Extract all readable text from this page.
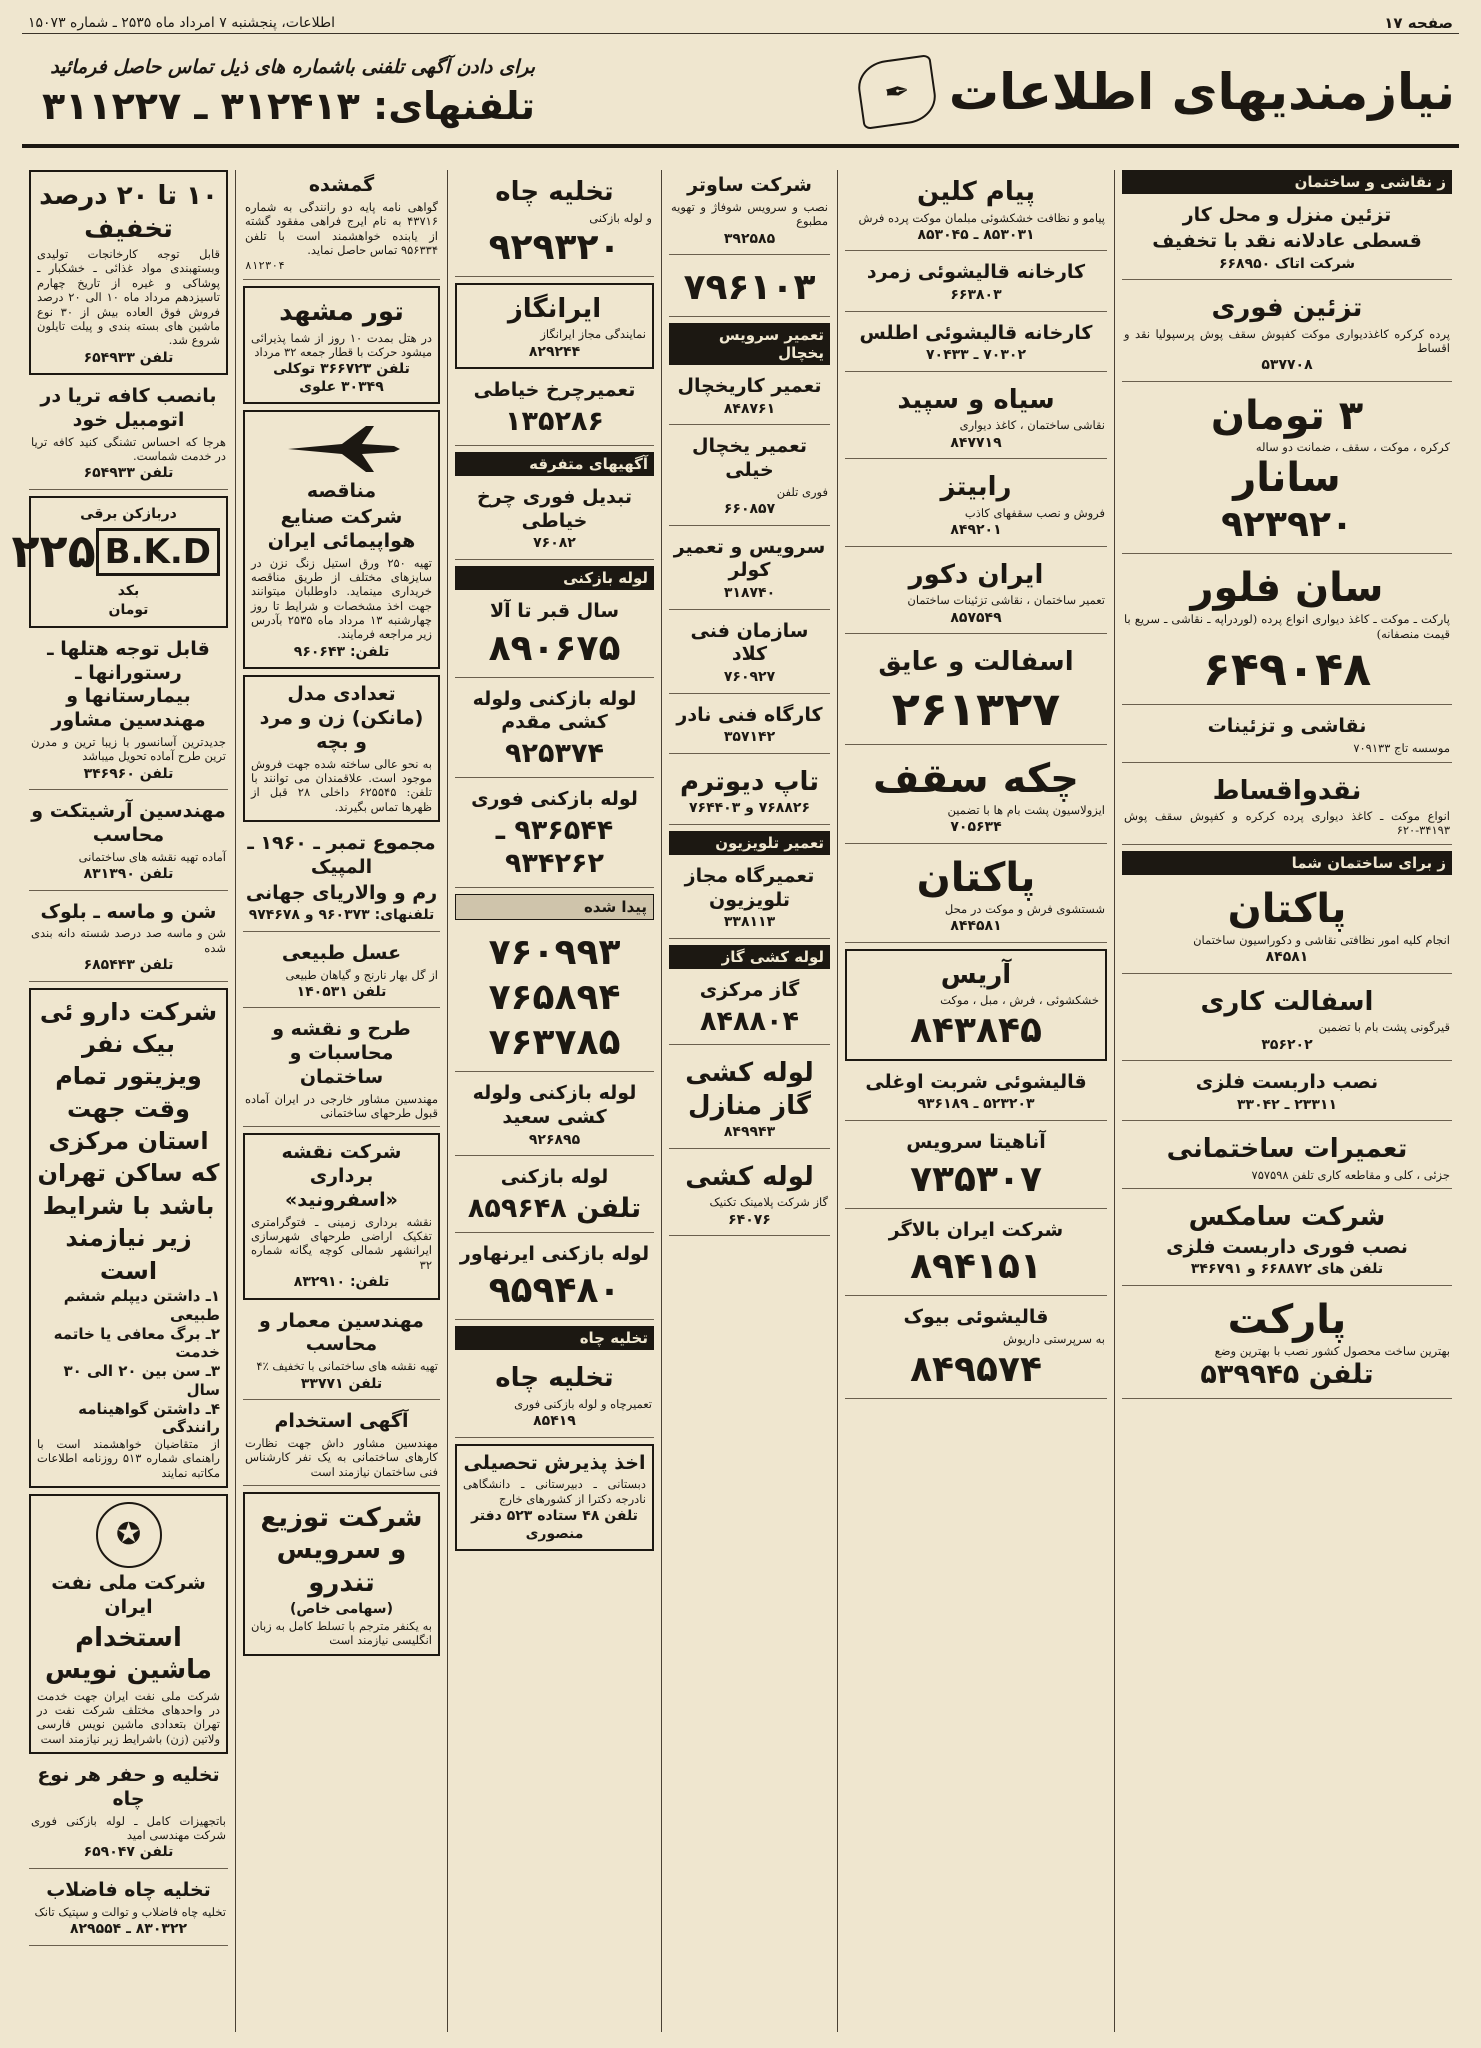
صفحه ۱۷
اطلاعات، پنجشنبه ۷ امرداد ماه ۲۵۳۵ ـ شماره ۱۵۰۷۳
نیازمندیهای اطلاعات
✒
برای دادن آگهی تلفنی باشماره های ذیل تماس حاصل فرمائید
تلفنهای: ۳۱۲۴۱۳ ـ ۳۱۱۲۲۷
ز نقاشی و ساختمان
تزئین منزل و محل کار
قسطی عادلانه نقد با تخفیف
شرکت اتاک ۶۶۸۹۵۰
تزئین فوری

پرده کرکره کاغذدیواری موکت کفپوش سقف پوش پرسپولیا نقد و اقساط

۵۳۷۷۰۸
۳ تومان

کرکره ، موکت ، سقف ، ضمانت دو ساله

سانار
۹۲۳۹۲۰
سان فلور

پارکت ـ موکت ـ کاغذ دیواری انواع پرده (لوردراپه ـ نقاشی ـ سریع با قیمت منصفانه)

۶۴۹۰۴۸
نقاشی و تزئینات

موسسه تاج ۷۰۹۱۳۳

نقدواقساط

انواع موکت ـ کاغذ دیواری پرده کرکره و کفپوش سقف پوش ۳۴۱۹۳-۶۲۰

ز برای ساختمان شما
پاکتان

انجام کلیه امور نظافتی نقاشی و دکوراسیون ساختمان

۸۴۵۸۱
اسفالت کاری

قیرگونی پشت بام با تضمین

۳۵۶۲۰۲
نصب داربست فلزی
۲۳۳۱۱ ـ ۳۳۰۴۲
تعمیرات ساختمانی

جزئی ، کلی و مقاطعه کاری تلفن ۷۵۷۵۹۸

شرکت سامکس
نصب فوری داربست فلزی
تلفن های ۶۶۸۸۷۲ و ۳۴۶۷۹۱
پارکت

بهترین ساخت محصول کشور نصب با بهترین وضع

تلفن ۵۳۹۹۴۵
پیام کلین

پیامو و نظافت خشکشوئی مبلمان موکت پرده فرش

۸۵۳۰۳۱ ـ ۸۵۳۰۴۵
کارخانه قالیشوئی زمرد
۶۶۳۸۰۳
کارخانه قالیشوئی اطلس
۷۰۳۰۲ ـ ۷۰۴۳۳
سیاه و سپید

نقاشی ساختمان ، کاغذ دیواری

۸۴۷۷۱۹
رابیتز

فروش و نصب سقفهای کاذب

۸۴۹۲۰۱
ایران دکور

تعمیر ساختمان ، نقاشی تزئینات ساختمان

۸۵۷۵۴۹
اسفالت و عایق
۲۶۱۳۲۷
چکه سقف

ایزولاسیون پشت بام ها با تضمین

۷۰۵۶۳۴
پاکتان

شستشوی فرش و موکت در محل

۸۴۴۵۸۱
آریس

خشکشوئی ، فرش ، مبل ، موکت

۸۴۳۸۴۵
قالیشوئی شربت اوغلی
۵۲۳۲۰۳ ـ ۹۳۶۱۸۹
آناهیتا سرویس
۷۳۵۳۰۷
شرکت ایران بالاگر
۸۹۴۱۵۱
قالیشوئی بیوک

به سرپرستی داریوش

۸۴۹۵۷۴
شرکت ساوتر

نصب و سرویس شوفاژ و تهویه مطبوع

۳۹۲۵۸۵
۷۹۶۱۰۳
تعمیر سرویس یخچال
تعمیر کاریخچال
۸۴۸۷۶۱
تعمیر یخچال خیلی

فوری تلفن

۶۶۰۸۵۷
سرویس و تعمیر کولر
۳۱۸۷۴۰
سازمان فنی کلاد
۷۶۰۹۲۷
کارگاه فنی نادر
۳۵۷۱۴۲
تاپ دیوترم
۷۶۸۸۲۶ و ۷۶۴۴۰۳
تعمیر تلویزیون
تعمیرگاه مجاز تلویزیون
۳۳۸۱۱۳
لوله کشی گاز
گاز مرکزی
۸۴۸۸۰۴
لوله کشی گاز منازل
۸۴۹۹۴۳
لوله کشی

گاز شرکت پلامینک تکنیک

۶۴۰۷۶
تخلیه چاه

و لوله بازکنی

۹۲۹۳۲۰
ایرانگاز

نمایندگی مجاز ایرانگاز

۸۲۹۲۴۴
تعمیرچرخ خیاطی
۱۳۵۲۸۶
آگهیهای متفرقه
تبدیل فوری چرخ خیاطی
۷۶۰۸۲
لوله بازکنی
سال قبر تا آلا
۸۹۰۶۷۵
لوله بازکنی ولوله کشی مقدم
۹۲۵۳۷۴
لوله بازکنی فوری
۹۳۶۵۴۴ ـ ۹۳۴۲۶۲
پیدا شده
۷۶۰۹۹۳
۷۶۵۸۹۴
۷۶۳۷۸۵
لوله بازکنی ولوله کشی سعید
۹۲۶۸۹۵
لوله بازکنی
تلفن ۸۵۹۶۴۸
لوله بازکنی ایرنهاور
۹۵۹۴۸۰
تخلیه چاه
تخلیه چاه

تعمیرچاه و لوله بازکنی فوری

۸۵۴۱۹
اخذ پذیرش تحصیلی

دبستانی ـ دبیرستانی ـ دانشگاهی نادرجه دکترا از کشورهای خارج

تلفن ۴۸ ستاده ۵۲۳ دفتر منصوری
گمشده

گواهی نامه پایه دو رانندگی به شماره ۴۳۷۱۶ به نام ایرج فراهی مفقود گشته از یابنده خواهشمند است با تلفن ۹۵۶۳۳۴ تماس حاصل نماید.

۸۱۲۳۰۴
تور مشهد

در هتل بمدت ۱۰ روز از شما پذیرائی میشود حرکت با قطار جمعه ۳۲ مرداد

تلفن ۳۶۶۷۲۳ توکلی ۳۰۳۴۹ علوی
مناقصه
شرکت صنایع هواپیمائی ایران

تهیه ۲۵۰ ورق استیل زنگ نزن در سایزهای مختلف از طریق مناقصه خریداری مینماید. داوطلبان میتوانند جهت اخذ مشخصات و شرایط تا روز چهارشنبه ۱۳ مرداد ماه ۲۵۳۵ بآدرس زیر مراجعه فرمایند.

تلفن: ۹۶۰۶۴۳
تعدادی مدل (مانکن) زن و مرد و بچه

به نحو عالی ساخته شده جهت فروش موجود است. علاقمندان می توانند با تلفن: ۶۲۵۵۴۵ داخلی ۲۸ قبل از ظهرها تماس بگیرند.

مجموع تمبر ـ ۱۹۶۰ ـ المپیک
رم و والاریای جهانی
تلفنهای: ۹۶۰۳۷۳ و ۹۷۴۶۷۸
عسل طبیعی

از گل بهار نارنج و گیاهان طبیعی

تلفن ۱۴۰۵۳۱
طرح و نقشه و محاسبات و ساختمان

مهندسین مشاور خارجی در ایران آماده قبول طرحهای ساختمانی

شرکت نقشه برداری «اسفرونید»

نقشه برداری زمینی ـ فتوگرامتری تفکیک اراضی طرحهای شهرسازی ایرانشهر شمالی کوچه یگانه شماره ۳۲

تلفن: ۸۳۲۹۱۰
مهندسین معمار و محاسب

تهیه نقشه های ساختمانی با تخفیف ٪۴

تلفن ۳۳۷۷۱
آگهی استخدام

مهندسین مشاور داش جهت نظارت کارهای ساختمانی به یک نفر کارشناس فنی ساختمان نیازمند است

شرکت توزیع و سرویس تندرو
(سهامی خاص)

به یکنفر مترجم با تسلط کامل به زبان انگلیسی نیازمند است

۱۰ تا ۲۰ درصد تخفیف

قابل توجه کارخانجات تولیدی وبستهبندی مواد غذائی ـ خشکبار ـ پوشاکی و غیره از تاریخ چهارم تاسیزدهم مرداد ماه ۱۰ الی ۲۰ درصد فروش فوق العاده بیش از ۳۰ نوع ماشین های بسته بندی و پیلت تایلون شروع شد.

تلفن ۶۵۴۹۳۳
بانصب کافه تریا در اتومبیل خود

هرجا که احساس تشنگی کنید کافه تریا در خدمت شماست.

تلفن ۶۵۴۹۳۳
دربازکن برقی
B.K.D
۲۲۵
بکد
تومان
قابل توجه هتلها ـ رستورانها ـ بیمارستانها و مهندسین مشاور

جدیدترین آسانسور با زیبا ترین و مدرن ترین طرح آماده تحویل میباشد

تلفن ۳۴۶۹۶۰
مهندسین آرشیتکت و محاسب

آماده تهیه نقشه های ساختمانی

تلفن ۸۳۱۳۹۰
شن و ماسه ـ بلوک

شن و ماسه صد درصد شسته دانه بندی شده

تلفن ۶۸۵۴۴۳
شرکت دارو ئی بیک نفر ویزیتور تمام وقت جهت استان مرکزی که ساکن تهران باشد با شرایط زیر نیازمند است
۱ـ داشتن دیپلم ششم طبیعی
۲ـ برگ معافی یا خاتمه خدمت
۳ـ سن بین ۲۰ الی ۳۰ سال
۴ـ داشتن گواهینامه رانندگی

از متقاضیان خواهشمند است با راهنمای شماره ۵۱۳ روزنامه اطلاعات مکاتبه نمایند

✪
شرکت ملی نفت ایران
استخدام ماشین نویس

شرکت ملی نفت ایران جهت خدمت در واحدهای مختلف شرکت نفت در تهران بتعدادی ماشین نویس فارسی ولاتین (زن) باشرایط زیر نیازمند است

تخلیه و حفر هر نوع چاه

باتجهیزات کامل ـ لوله بازکنی فوری شرکت مهندسی امید

تلفن ۶۵۹۰۴۷
تخلیه چاه فاضلاب

تخلیه چاه فاضلاب و توالت و سپتیک تانک

۸۳۰۳۲۲ ـ ۸۲۹۵۵۴
